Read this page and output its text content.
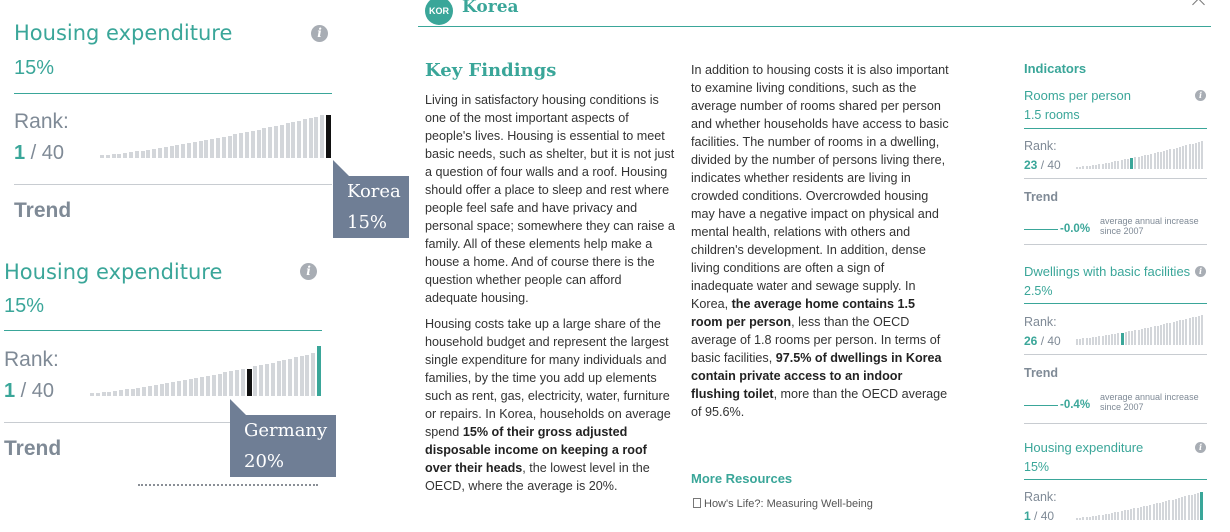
Housing expenditure	i
15%
Rank:
1 / 40
Trend
Korea
15%
Housing expenditure	i
15%
Rank:
1 / 40
Trend
Germany
20%
KOR Korea
Key Findings

Living in satisfactory housing conditions is one of the most important aspects of people's lives. Housing is essential to meet basic needs, such as shelter, but it is not just a question of four walls and a roof. Housing should offer a place to sleep and rest where people feel safe and have privacy and personal space; somewhere they can raise a family. All of these elements help make a house a home. And of course there is the question whether people can afford adequate housing.

Housing costs take up a large share of the household budget and represent the largest single expenditure for many individuals and families, by the time you add up elements such as rent, gas, electricity, water, furniture or repairs. In Korea, households on average spend 15% of their gross adjusted disposable income on keeping a roof over their heads, the lowest level in the OECD, where the average is 20%.

In addition to housing costs it is also important to examine living conditions, such as the average number of rooms shared per person and whether households have access to basic facilities. The number of rooms in a dwelling, divided by the number of persons living there, indicates whether residents are living in crowded conditions. Overcrowded housing may have a negative impact on physical and mental health, relations with others and children's development. In addition, dense living conditions are often a sign of inadequate water and sewage supply. In Korea, the average home contains 1.5 room per person, less than the OECD average of 1.8 rooms per person. In terms of basic facilities, 97.5% of dwellings in Korea contain private access to an indoor flushing toilet, more than the OECD average of 95.6%.

More Resources
How's Life?: Measuring Well-being
Indicators
Rooms per person	i
1.5 rooms
Rank:
23 / 40
Trend
-0.0%
average annual increase since 2007
Dwellings with basic facilities	i
2.5%
Rank:
26 / 40
Trend
-0.4%
average annual increase since 2007
Housing expenditure	i
15%
Rank:
1 / 40
